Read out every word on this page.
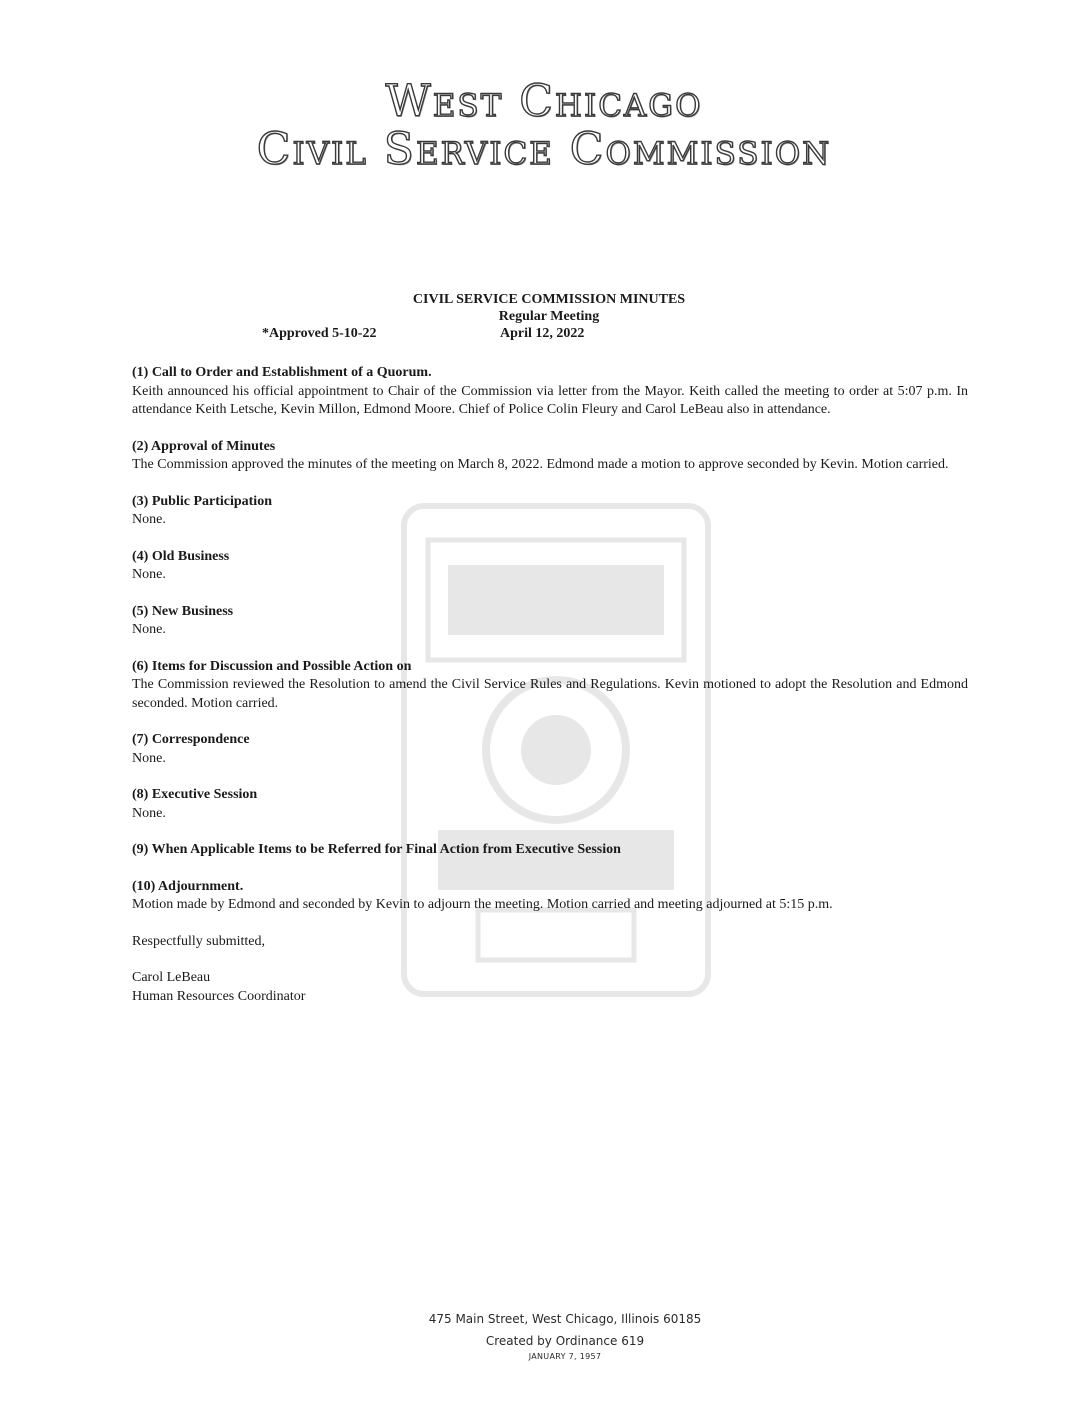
West Chicago
Civil Service Commission
CIVIL SERVICE COMMISSION MINUTES
Regular Meeting
*Approved 5-10-22	April 12, 2022
(1) Call to Order and Establishment of a Quorum.
Keith announced his official appointment to Chair of the Commission via letter from the Mayor. Keith called the meeting to order at 5:07 p.m. In attendance Keith Letsche, Kevin Millon, Edmond Moore. Chief of Police Colin Fleury and Carol LeBeau also in attendance.
(2) Approval of Minutes
The Commission approved the minutes of the meeting on March 8, 2022. Edmond made a motion to approve seconded by Kevin. Motion carried.
(3) Public Participation
None.
(4) Old Business
None.
(5) New Business
None.
(6) Items for Discussion and Possible Action on
The Commission reviewed the Resolution to amend the Civil Service Rules and Regulations. Kevin motioned to adopt the Resolution and Edmond seconded. Motion carried.
(7) Correspondence
None.
(8) Executive Session
None.
(9) When Applicable Items to be Referred for Final Action from Executive Session
(10) Adjournment.
Motion made by Edmond and seconded by Kevin to adjourn the meeting. Motion carried and meeting adjourned at 5:15 p.m.
Respectfully submitted,
Carol LeBeau
Human Resources Coordinator
475 Main Street, West Chicago, Illinois 60185
Created by Ordinance 619
JANUARY 7, 1957
